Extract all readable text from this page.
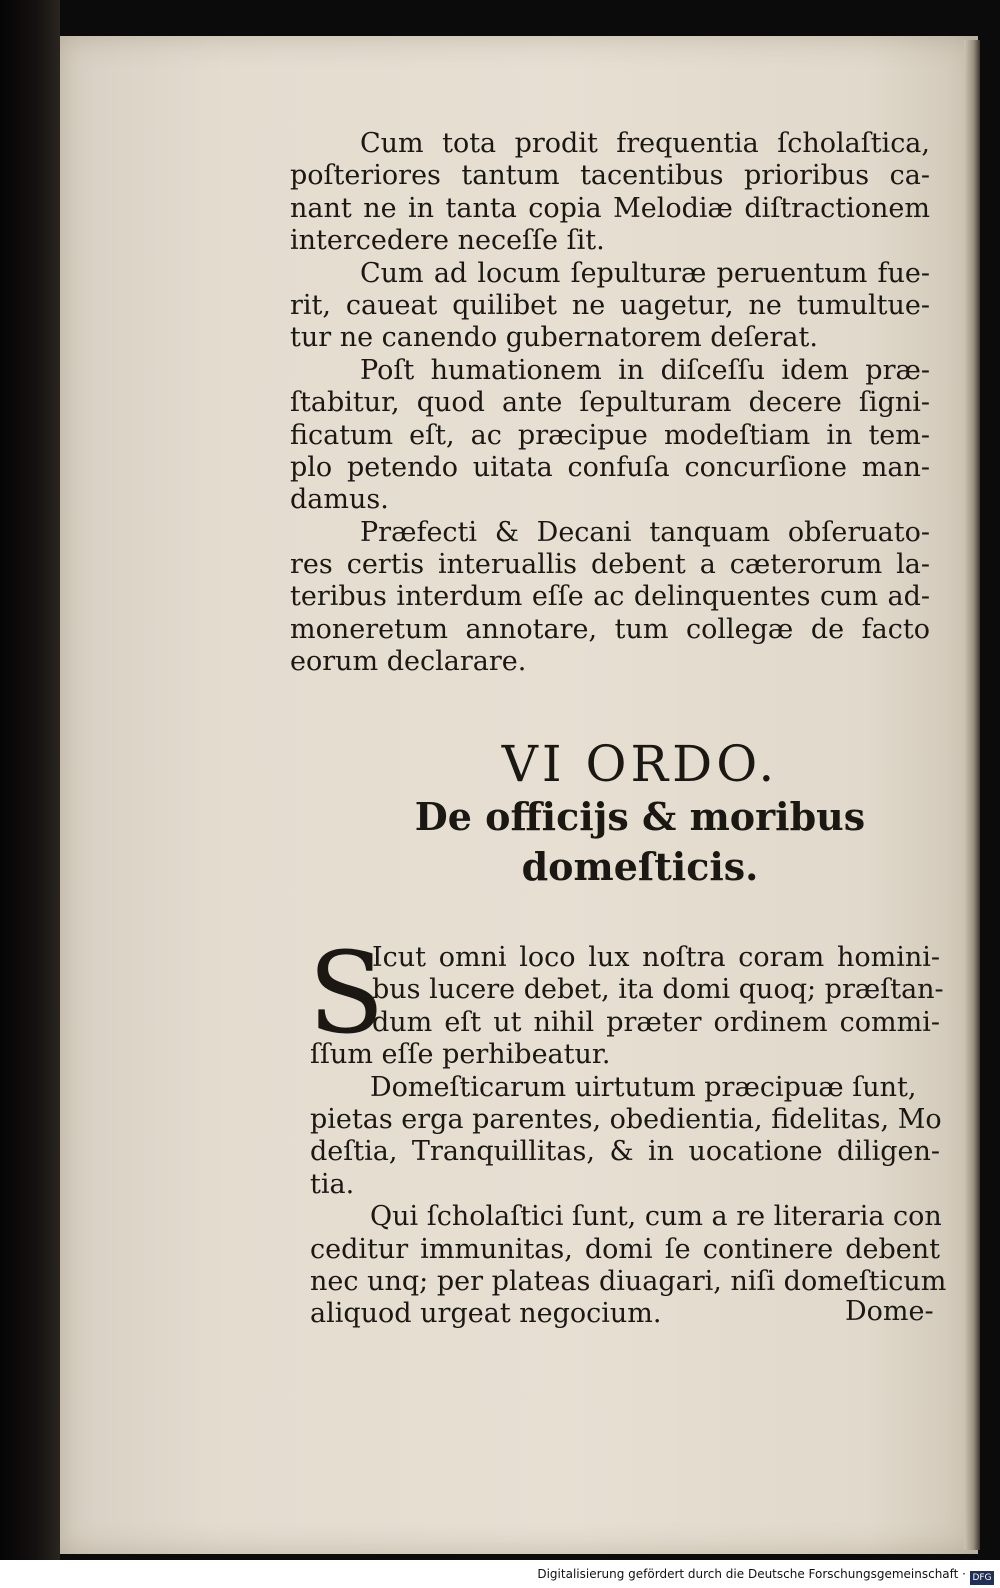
Cum tota prodit frequentia ſcholaſtica,
poſteriores tantum tacentibus prioribus ca‐
nant ne in tanta copia Melodiæ diſtractionem
intercedere neceſſe ſit.
Cum ad locum ſepulturæ peruentum fue‐
rit, caueat quilibet ne uagetur, ne tumultue‐
tur ne canendo gubernatorem deſerat.
Poſt humationem in diſceſſu idem præ‐
ſtabitur, quod ante ſepulturam decere ſigni‐
ficatum eſt, ac præcipue modeſtiam in tem‐
plo petendo uitata confuſa concurſione man‐
damus.
Præfecti & Decani tanquam obſeruato‐
res certis interuallis debent a cæterorum la‐
teribus interdum eſſe ac delinquentes cum ad‐
moneretum annotare, tum collegæ de facto
eorum declarare.
VI ORDO.
De officijs & moribus
domeſticis.
S
Icut omni loco lux noſtra coram homini‐
bus lucere debet, ita domi quoq; præſtan‐
dum eſt ut nihil præter ordinem commi‐
ſſum eſſe perhibeatur.
Domeſticarum uirtutum præcipuæ ſunt,
pietas erga parentes, obedientia, fidelitas, Mo
deſtia, Tranquillitas, & in uocatione diligen‐
tia.
Qui ſcholaſtici ſunt, cum a re literaria con
ceditur immunitas, domi ſe continere debent
nec unq; per plateas diuagari, niſi domeſticum
aliquod urgeat negocium.	Dome‐
Digitalisierung gefördert durch die Deutsche Forschungsgemeinschaft · DFG
